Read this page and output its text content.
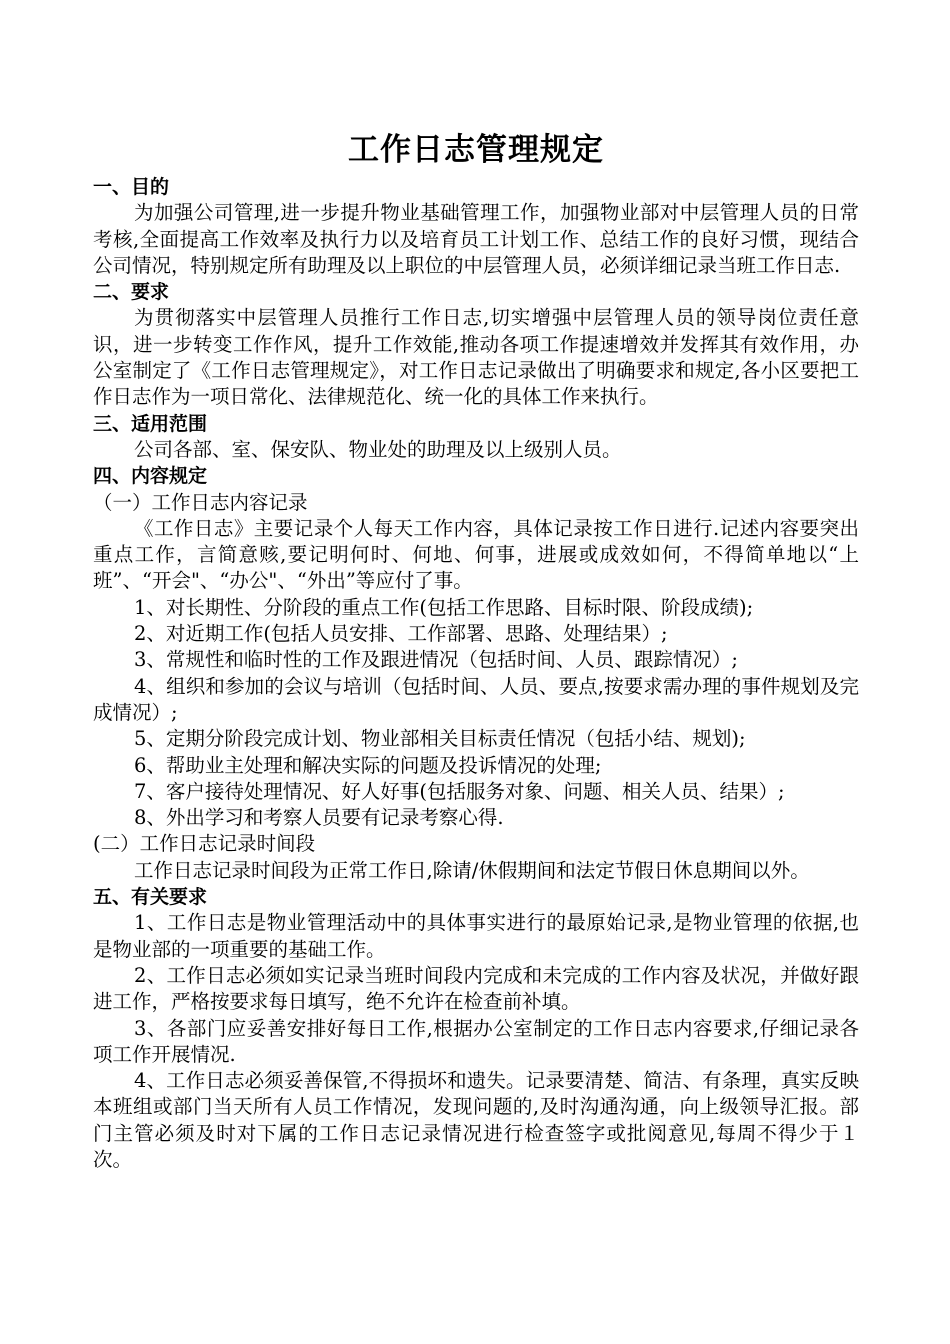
工作日志管理规定
一、目的

为加强公司管理,进一步提升物业基础管理工作，加强物业部对中层管理人员的日常考核,全面提高工作效率及执行力以及培育员工计划工作、总结工作的良好习惯，现结合公司情况，特别规定所有助理及以上职位的中层管理人员，必须详细记录当班工作日志.

二、要求

为贯彻落实中层管理人员推行工作日志,切实增强中层管理人员的领导岗位责任意识，进一步转变工作作风，提升工作效能,推动各项工作提速增效并发挥其有效作用，办公室制定了《工作日志管理规定》，对工作日志记录做出了明确要求和规定,各小区要把工作日志作为一项日常化、法律规范化、统一化的具体工作来执行。

三、适用范围

公司各部、室、保安队、物业处的助理及以上级别人员。

四、内容规定

（一）工作日志内容记录

《工作日志》主要记录个人每天工作内容，具体记录按工作日进行.记述内容要突出重点工作，言简意赅,要记明何时、何地、何事，进展或成效如何，不得简单地以“上班”、“开会"、“办公"、“外出”等应付了事。

1、对长期性、分阶段的重点工作(包括工作思路、目标时限、阶段成绩);

2、对近期工作(包括人员安排、工作部署、思路、处理结果）;

3、常规性和临时性的工作及跟进情况（包括时间、人员、跟踪情况）;

4、组织和参加的会议与培训（包括时间、人员、要点,按要求需办理的事件规划及完成情况）;

5、定期分阶段完成计划、物业部相关目标责任情况（包括小结、规划);

6、帮助业主处理和解决实际的问题及投诉情况的处理;

7、客户接待处理情况、好人好事(包括服务对象、问题、相关人员、结果）;

8、外出学习和考察人员要有记录考察心得.

(二）工作日志记录时间段

工作日志记录时间段为正常工作日,除请/休假期间和法定节假日休息期间以外。

五、有关要求

1、工作日志是物业管理活动中的具体事实进行的最原始记录,是物业管理的依据,也是物业部的一项重要的基础工作。

2、工作日志必须如实记录当班时间段内完成和未完成的工作内容及状况，并做好跟进工作，严格按要求每日填写，绝不允许在检查前补填。

3、各部门应妥善安排好每日工作,根据办公室制定的工作日志内容要求,仔细记录各项工作开展情况.

4、工作日志必须妥善保管,不得损坏和遗失。记录要清楚、简洁、有条理，真实反映本班组或部门当天所有人员工作情况，发现问题的,及时沟通沟通，向上级领导汇报。部门主管必须及时对下属的工作日志记录情况进行检查签字或批阅意见,每周不得少于１次。
